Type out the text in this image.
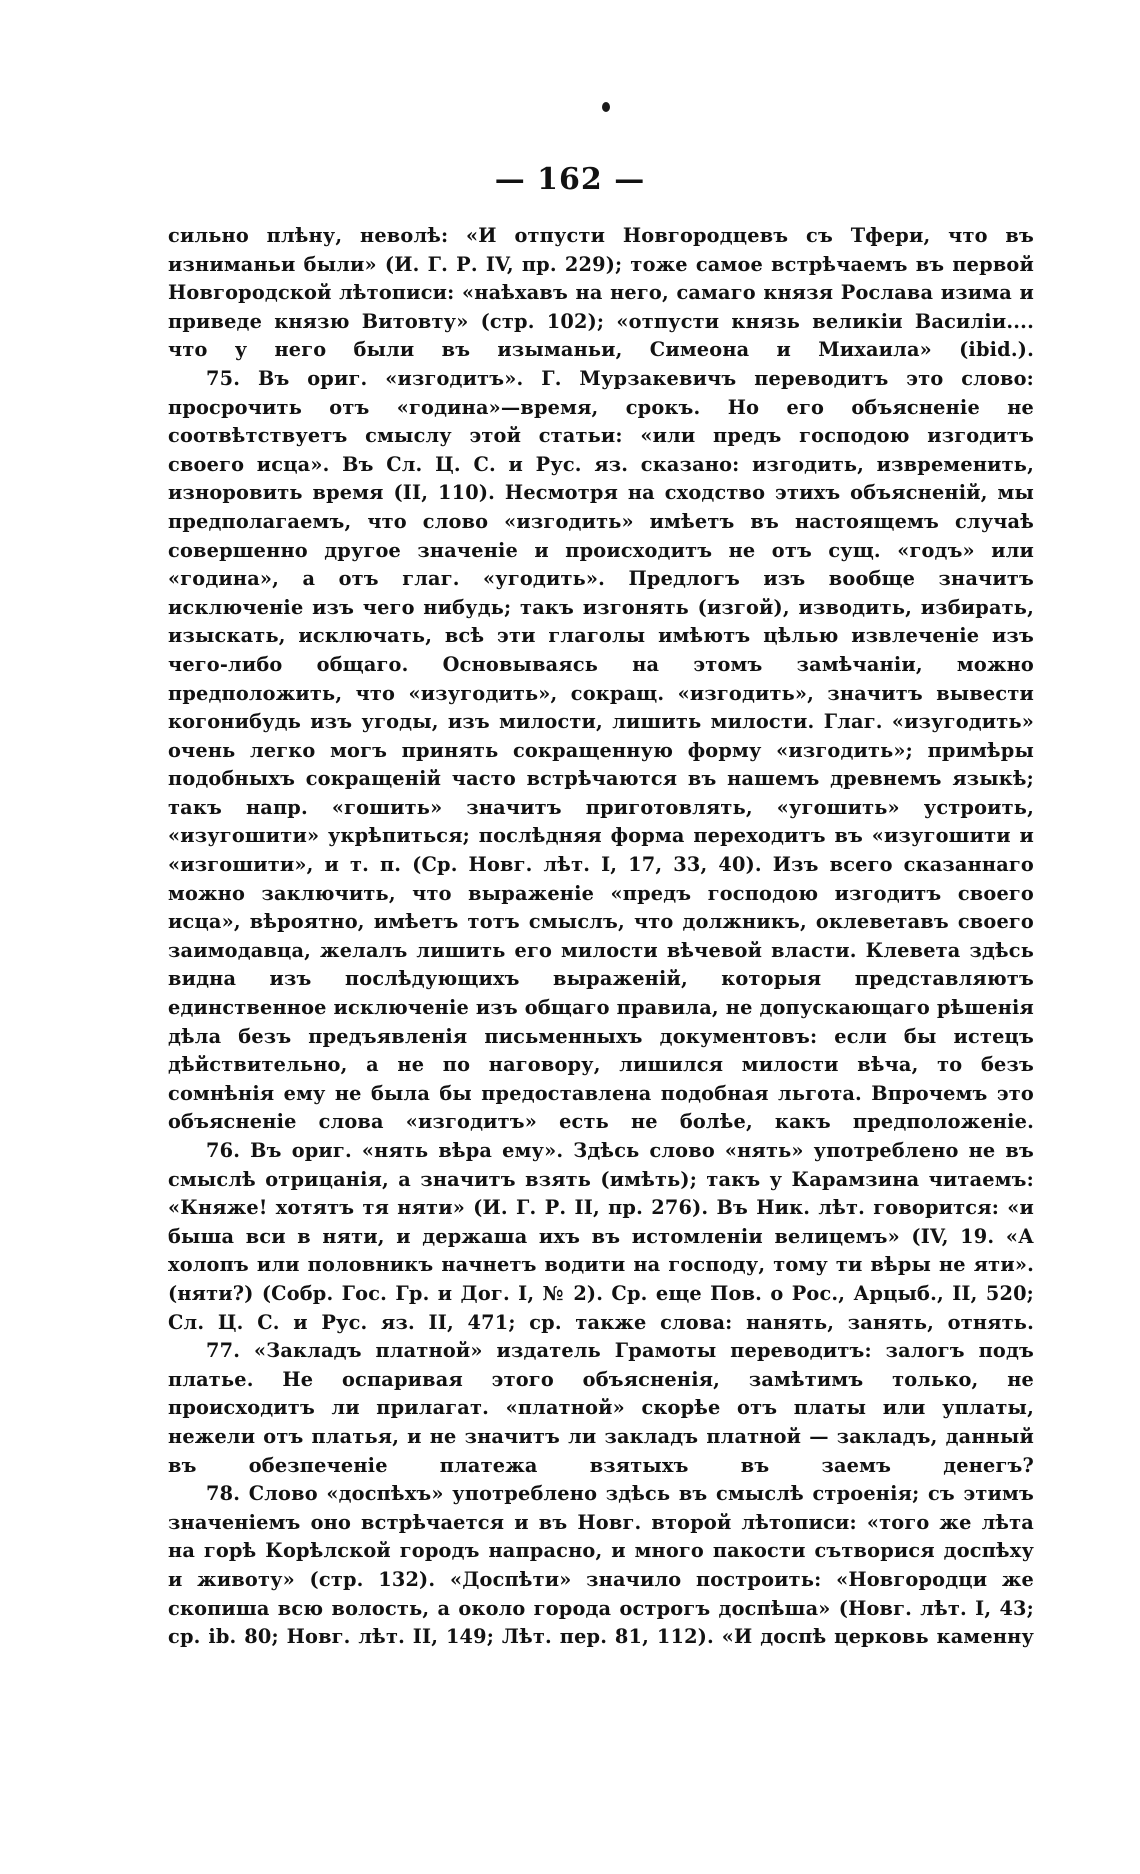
— 162 —

сильно плѣну, неволѣ: «И отпусти Новгородцевъ съ Тфери, что въ изниманьи были» (И. Г. Р. IV, пр. 229); тоже самое встрѣчаемъ въ первой Новгородской лѣтописи: «наѣхавъ на него, самаго князя Рослава изима и приведе князю Витовту» (стр. 102); «отпусти князь великіи Василіи.... что у него были въ изыманьи, Симеона и Михаила» (ibid.).

75. Въ ориг. «изгодитъ». Г. Мурзакевичъ переводитъ это слово: просрочить отъ «година»—время, срокъ. Но его объясненіе не соотвѣтствуетъ смыслу этой статьи: «или предъ господою изгодитъ своего исца». Въ Сл. Ц. С. и Рус. яз. сказано: изгодить, извременить, изноровить время (II, 110). Несмотря на сходство этихъ объясненій, мы предполагаемъ, что слово «изгодить» имѣетъ въ настоящемъ случаѣ совершенно другое значеніе и происходитъ не отъ сущ. «годъ» или «година», а отъ глаг. «угодить». Предлогъ изъ вообще значитъ исключеніе изъ чего нибудь; такъ изгонять (изгой), изводить, избирать, изыскать, исключать, всѣ эти глаголы имѣютъ цѣлью извлеченіе изъ чего-либо общаго. Основываясь на этомъ замѣчаніи, можно предположить, что «изугодить», сокращ. «изгодить», значитъ вывести когонибудь изъ угоды, изъ милости, лишить милости. Глаг. «изугодить» очень легко могъ принять сокращенную форму «изгодить»; примѣры подобныхъ сокращеній часто встрѣчаются въ нашемъ древнемъ языкѣ; такъ напр. «гошить» значитъ приготовлять, «угошить» устроить, «изугошити» укрѣпиться; послѣдняя форма переходитъ въ «изугошити и «изгошити», и т. п. (Ср. Новг. лѣт. I, 17, 33, 40). Изъ всего сказаннаго можно заключить, что выраженіе «предъ господою изгодитъ своего исца», вѣроятно, имѣетъ тотъ смыслъ, что должникъ, оклеветавъ своего заимодавца, желалъ лишить его милости вѣчевой власти. Клевета здѣсь видна изъ послѣдующихъ выраженій, которыя представляютъ единственное исключеніе изъ общаго правила, не допускающаго рѣшенія дѣла безъ предъявленія письменныхъ документовъ: если бы истецъ дѣйствительно, а не по наговору, лишился милости вѣча, то безъ сомнѣнія ему не была бы предоставлена подобная льгота. Впрочемъ это объясненіе слова «изгодитъ» есть не болѣе, какъ предположеніе.

76. Въ ориг. «нять вѣра ему». Здѣсь слово «нять» употреблено не въ смыслѣ отрицанія, а значитъ взять (имѣть); такъ у Карамзина читаемъ: «Княже! хотятъ тя няти» (И. Г. Р. II, пр. 276). Въ Ник. лѣт. говорится: «и быша вси в няти, и держаша ихъ въ истомленіи велицемъ» (IV, 19. «А холопъ или половникъ начнетъ водити на господу, тому ти вѣры не яти». (няти?) (Собр. Гос. Гр. и Дог. I, № 2). Ср. еще Пов. о Рос., Арцыб., II, 520; Сл. Ц. С. и Рус. яз. II, 471; ср. также слова: нанять, занять, отнять.

77. «Закладъ платной» издатель Грамоты переводитъ: залогъ подъ платье. Не оспаривая этого объясненія, замѣтимъ только, не происходитъ ли прилагат. «платной» скорѣе отъ платы или уплаты, нежели отъ платья, и не значитъ ли закладъ платной — закладъ, данный въ обезпеченіе платежа взятыхъ въ заемъ денегъ?

78. Слово «доспѣхъ» употреблено здѣсь въ смыслѣ строенія; съ этимъ значеніемъ оно встрѣчается и въ Новг. второй лѣтописи: «того же лѣта на горѣ Корѣлской городъ напрасно, и много пакости сътворися доспѣху и животу» (стр. 132). «Доспѣти» значило построить: «Новгородци же скопиша всю волость, а около города острогъ доспѣша» (Новг. лѣт. I, 43; ср. ib. 80; Новг. лѣт. II, 149; Лѣт. пер. 81, 112). «И доспѣ церковь каменну
